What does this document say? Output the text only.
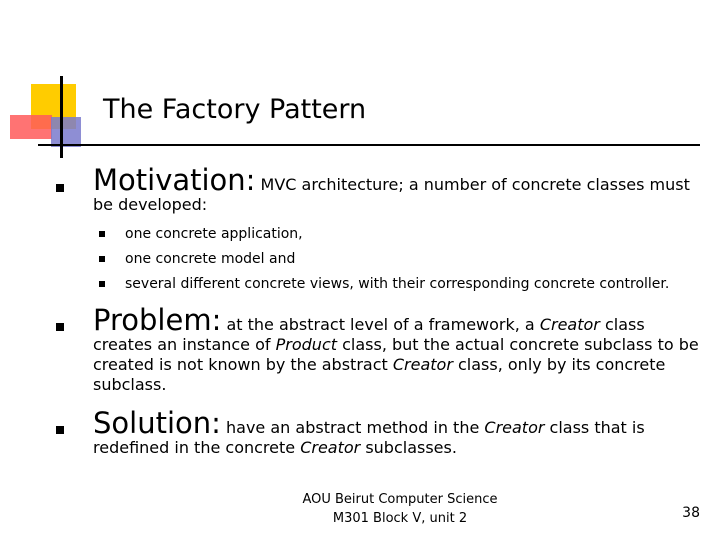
The Factory Pattern
Motivation: MVC architecture; a number of concrete classes must
be developed:
one concrete application,
one concrete model and
several different concrete views, with their corresponding concrete controller.
Problem: at the abstract level of a framework, a Creator class
creates an instance of Product class, but the actual concrete subclass to be
created is not known by the abstract Creator class, only by its concrete
subclass.
Solution: have an abstract method in the Creator class that is
redefined in the concrete Creator subclasses.
AOU Beirut Computer Science
M301 Block V, unit 2	38
